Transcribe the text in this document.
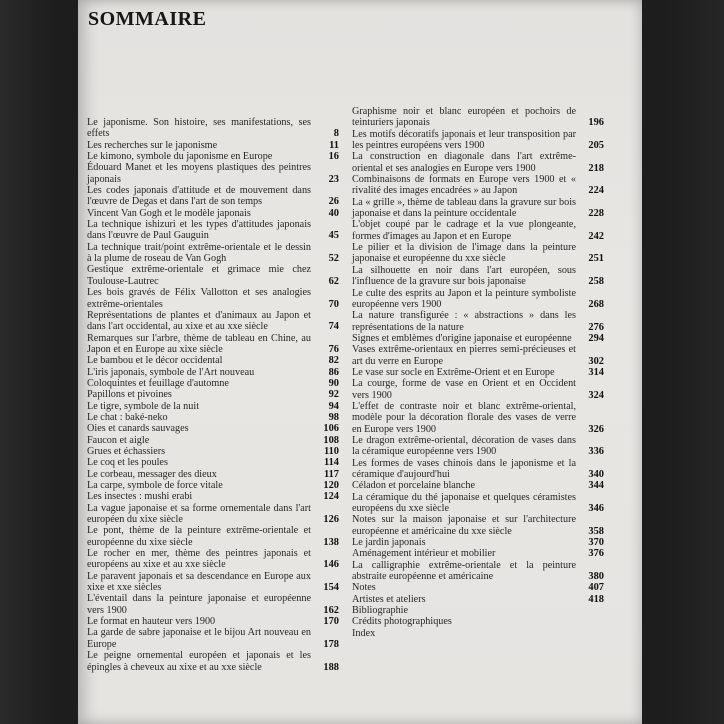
SOMMAIRE
Le japonisme. Son histoire, ses manifestations, ses effets	8
Les recherches sur le japonisme	11
Le kimono, symbole du japonisme en Europe	16
Édouard Manet et les moyens plastiques des peintres japonais	23
Les codes japonais d'attitude et de mouvement dans l'œuvre de Degas et dans l'art de son temps	26
Vincent Van Gogh et le modèle japonais	40
La technique ishizuri et les types d'attitudes japonais dans l'œuvre de Paul Gauguin	45
La technique trait/point extrême-orientale et le dessin à la plume de roseau de Van Gogh	52
Gestique extrême-orientale et grimace mie chez Toulouse-Lautrec	62
Les bois gravés de Félix Vallotton et ses analogies extrême-orientales	70
Représentations de plantes et d'animaux au Japon et dans l'art occidental, au xixe et au xxe siècle	74
Remarques sur l'arbre, thème de tableau en Chine, au Japon et en Europe au xixe siècle	76
Le bambou et le décor occidental	82
L'iris japonais, symbole de l'Art nouveau	86
Coloquintes et feuillage d'automne	90
Papillons et pivoines	92
Le tigre, symbole de la nuit	94
Le chat : baké-neko	98
Oies et canards sauvages	106
Faucon et aigle	108
Grues et échassiers	110
Le coq et les poules	114
Le corbeau, messager des dieux	117
La carpe, symbole de force vitale	120
Les insectes : mushi erabi	124
La vague japonaise et sa forme ornementale dans l'art européen du xixe siècle	126
Le pont, thème de la peinture extrême-orientale et européenne du xixe siècle	138
Le rocher en mer, thème des peintres japonais et européens au xixe et au xxe siècle	146
Le paravent japonais et sa descendance en Europe aux xixe et xxe siècles	154
L'éventail dans la peinture japonaise et européenne vers 1900	162
Le format en hauteur vers 1900	170
La garde de sabre japonaise et le bijou Art nouveau en Europe	178
Le peigne ornemental européen et japonais et les épingles à cheveux au xixe et au xxe siècle	188
Graphisme noir et blanc européen et pochoirs de teinturiers japonais	196
Les motifs décoratifs japonais et leur transposition par les peintres européens vers 1900	205
La construction en diagonale dans l'art extrême-oriental et ses analogies en Europe vers 1900	218
Combinaisons de formats en Europe vers 1900 et « rivalité des images encadrées » au Japon	224
La « grille », thème de tableau dans la gravure sur bois japonaise et dans la peinture occidentale	228
L'objet coupé par le cadrage et la vue plongeante, formes d'images au Japon et en Europe	242
Le pilier et la division de l'image dans la peinture japonaise et européenne du xxe siècle	251
La silhouette en noir dans l'art européen, sous l'influence de la gravure sur bois japonaise	258
Le culte des esprits au Japon et la peinture symboliste européenne vers 1900	268
La nature transfigurée : « abstractions » dans les représentations de la nature	276
Signes et emblèmes d'origine japonaise et européenne	294
Vases extrême-orientaux en pierres semi-précieuses et art du verre en Europe	302
Le vase sur socle en Extrême-Orient et en Europe	314
La courge, forme de vase en Orient et en Occident vers 1900	324
L'effet de contraste noir et blanc extrême-oriental, modèle pour la décoration florale des vases de verre en Europe vers 1900	326
Le dragon extrême-oriental, décoration de vases dans la céramique européenne vers 1900	336
Les formes de vases chinois dans le japonisme et la céramique d'aujourd'hui	340
Céladon et porcelaine blanche	344
La céramique du thé japonaise et quelques céramistes européens du xxe siècle	346
Notes sur la maison japonaise et sur l'architecture européenne et américaine du xxe siècle	358
Le jardin japonais	370
Aménagement intérieur et mobilier	376
La calligraphie extrême-orientale et la peinture abstraite européenne et américaine	380
Notes	407
Artistes et ateliers	418
Bibliographie
Crédits photographiques
Index
